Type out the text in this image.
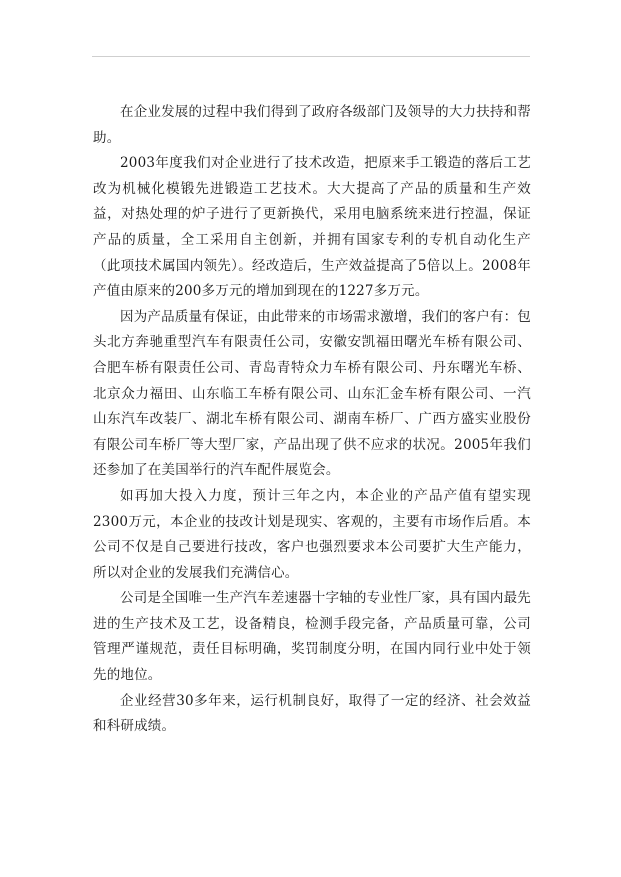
在企业发展的过程中我们得到了政府各级部门及领导的大力扶持和帮助。

2003年度我们对企业进行了技术改造，把原来手工锻造的落后工艺改为机械化模锻先进锻造工艺技术。大大提高了产品的质量和生产效益，对热处理的炉子进行了更新换代，采用电脑系统来进行控温，保证产品的质量，全工采用自主创新，并拥有国家专利的专机自动化生产（此项技术属国内领先）。经改造后，生产效益提高了5倍以上。2008年产值由原来的200多万元的增加到现在的1227多万元。

因为产品质量有保证，由此带来的市场需求激增，我们的客户有：包头北方奔驰重型汽车有限责任公司，安徽安凯福田曙光车桥有限公司、合肥车桥有限责任公司、青岛青特众力车桥有限公司、丹东曙光车桥、北京众力福田、山东临工车桥有限公司、山东汇金车桥有限公司、一汽山东汽车改装厂、湖北车桥有限公司、湖南车桥厂、广西方盛实业股份有限公司车桥厂等大型厂家，产品出现了供不应求的状况。2005年我们还参加了在美国举行的汽车配件展览会。

如再加大投入力度，预计三年之内，本企业的产品产值有望实现2300万元，本企业的技改计划是现实、客观的，主要有市场作后盾。本公司不仅是自己要进行技改，客户也强烈要求本公司要扩大生产能力，所以对企业的发展我们充满信心。

公司是全国唯一生产汽车差速器十字轴的专业性厂家，具有国内最先进的生产技术及工艺，设备精良，检测手段完备，产品质量可靠，公司管理严谨规范，责任目标明确，奖罚制度分明，在国内同行业中处于领先的地位。

企业经营30多年来，运行机制良好，取得了一定的经济、社会效益和科研成绩。
